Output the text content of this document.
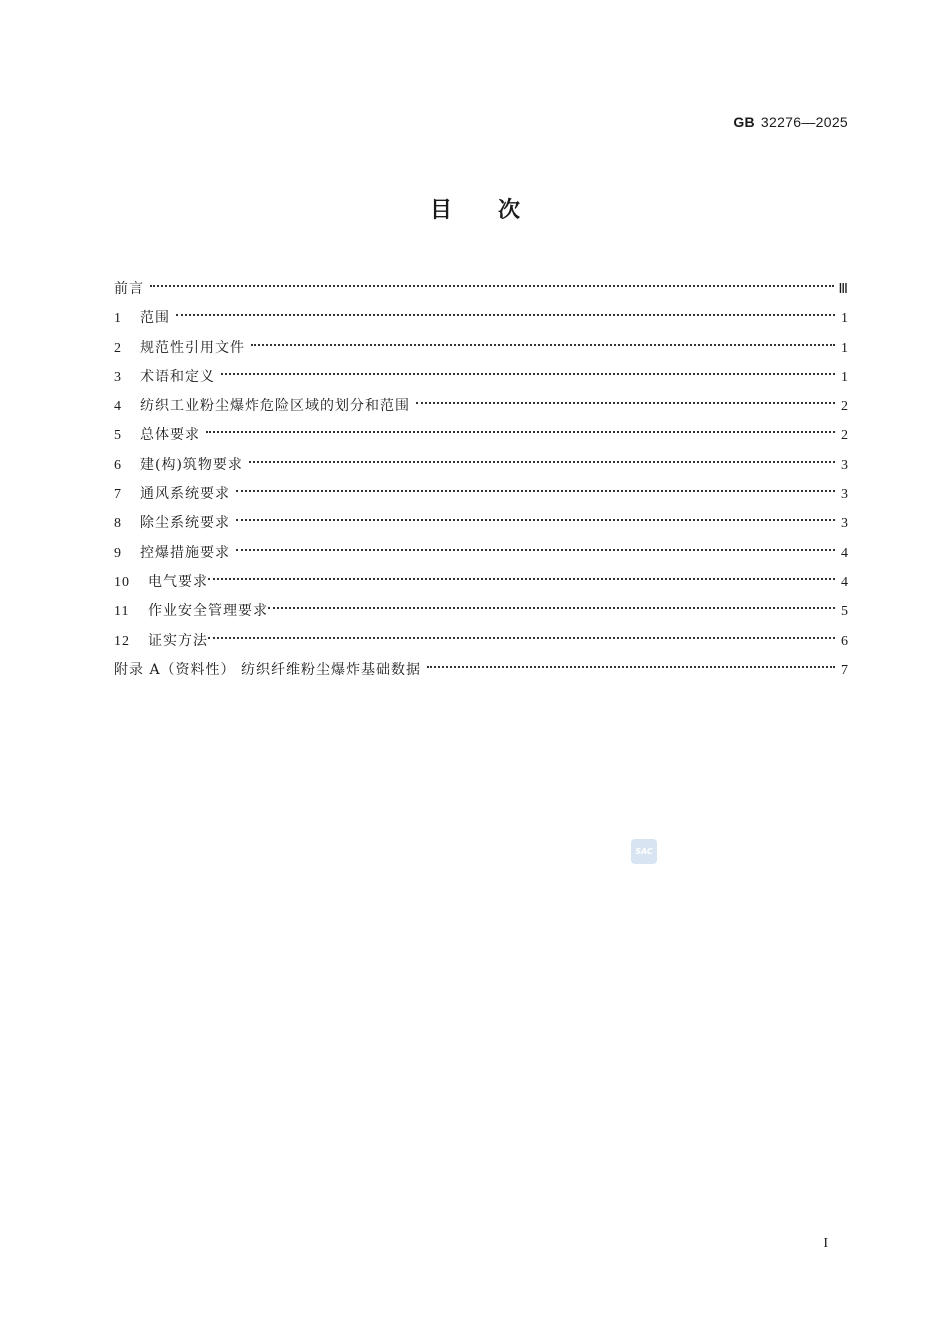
GB 32276—2025
目 次
前言	Ⅲ
1	范围	1
2	规范性引用文件	1
3	术语和定义	1
4	纺织工业粉尘爆炸危险区域的划分和范围	2
5	总体要求	2
6	建(构)筑物要求	3
7	通风系统要求	3
8	除尘系统要求	3
9	控爆措施要求	4
10	电气要求	4
11	作业安全管理要求	5
12	证实方法	6
附录 A（资料性） 纺织纤维粉尘爆炸基础数据	7
SAC
I
